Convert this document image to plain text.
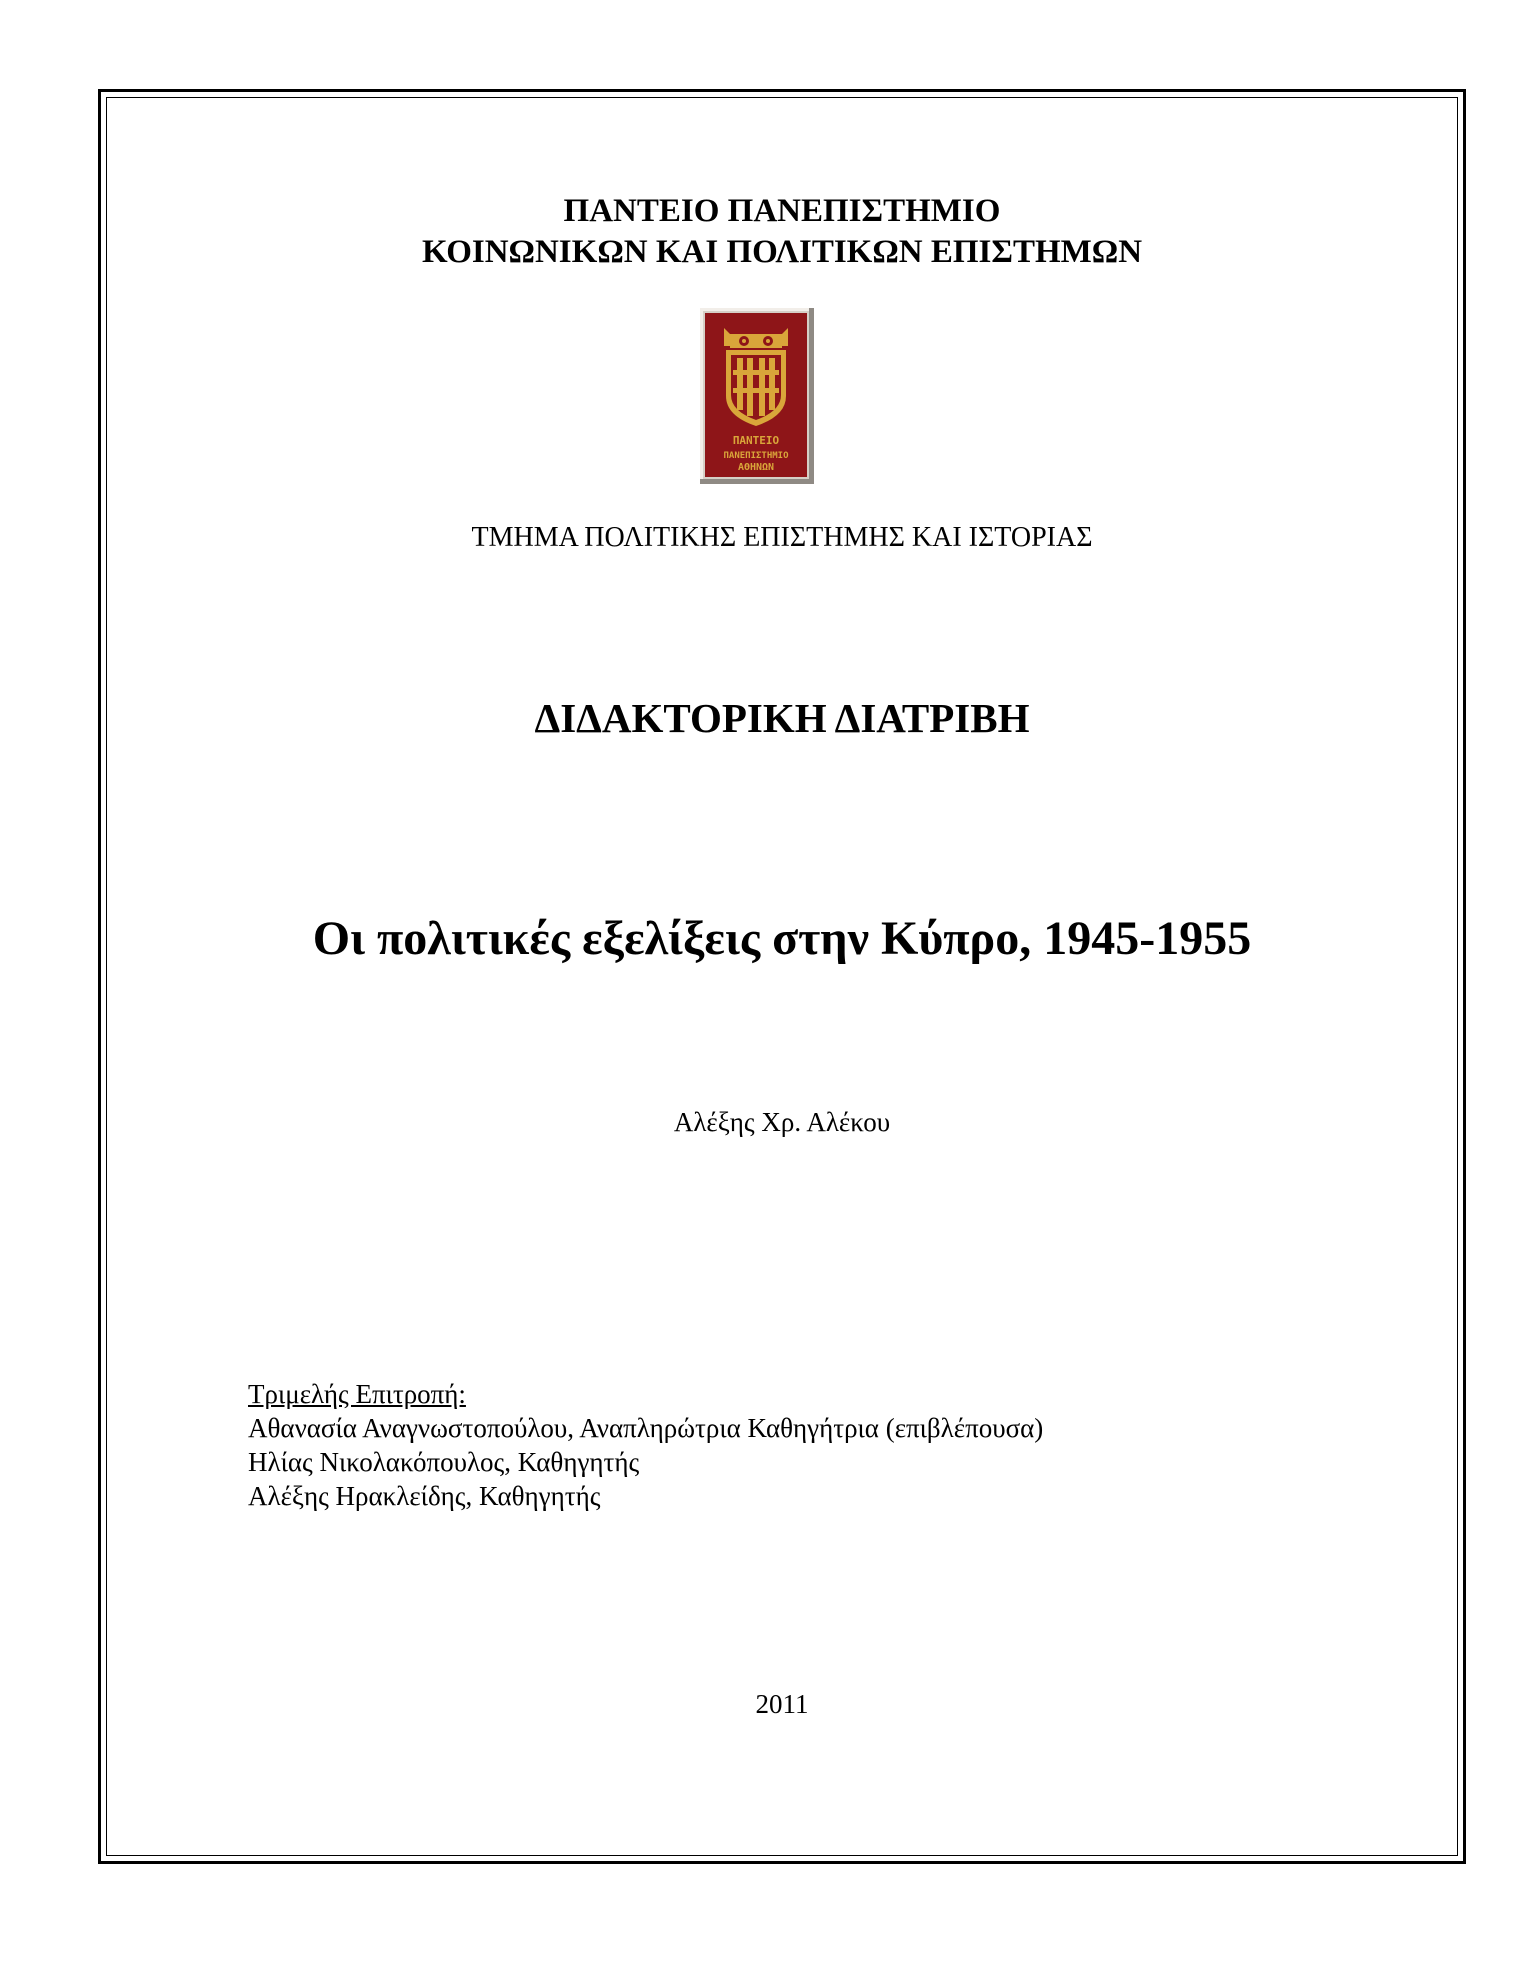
ΠΑΝΤΕΙΟ ΠΑΝΕΠΙΣΤΗΜΙΟ
ΚΟΙΝΩΝΙΚΩΝ ΚΑΙ ΠΟΛΙΤΙΚΩΝ ΕΠΙΣΤΗΜΩΝ
ΠΑΝΤΕΙΟ
ΠΑΝΕΠΙΣΤΗΜΙΟ
ΑΘΗΝΩΝ
ΤΜΗΜΑ ΠΟΛΙΤΙΚΗΣ ΕΠΙΣΤΗΜΗΣ ΚΑΙ ΙΣΤΟΡΙΑΣ
ΔΙΔΑΚΤΟΡΙΚΗ ΔΙΑΤΡΙΒΗ
Οι πολιτικές εξελίξεις στην Κύπρο, 1945-1955
Αλέξης Χρ. Αλέκου
Τριμελής Επιτροπή:
Αθανασία Αναγνωστοπούλου, Αναπληρώτρια Καθηγήτρια (επιβλέπουσα)
Ηλίας Νικολακόπουλος, Καθηγητής
Αλέξης Ηρακλείδης, Καθηγητής
2011
